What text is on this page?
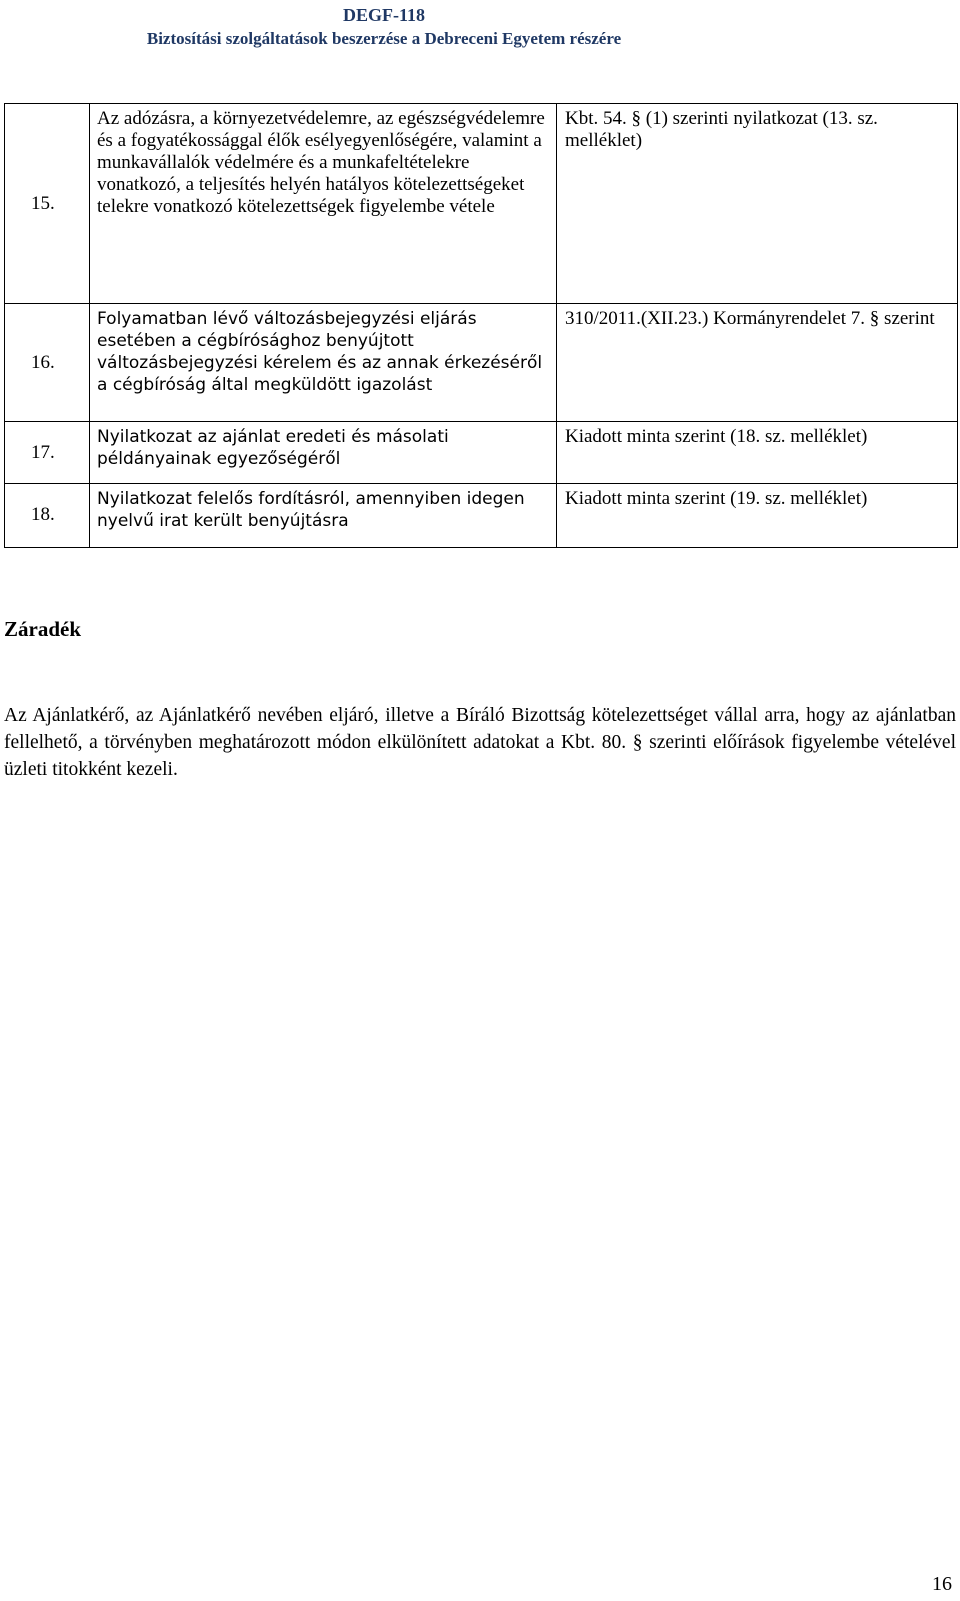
DEGF-118
Biztosítási szolgáltatások beszerzése a Debreceni Egyetem részére
15.	Az adózásra, a környezetvédelemre, az egészségvédelemre és a fogyatékossággal élők esélyegyenlőségére, valamint a munkavállalók védelmére és a munkafeltételekre vonatkozó, a teljesítés helyén hatályos kötelezettségeket telekre vonatkozó kötelezettségek figyelembe vétele	Kbt. 54. § (1) szerinti nyilatkozat (13. sz. melléklet)
16.	Folyamatban lévő változásbejegyzési eljárás esetében a cégbírósághoz benyújtott változásbejegyzési kérelem és az annak érkezéséről a cégbíróság által megküldött igazolást	310/2011.(XII.23.) Kormányrendelet 7. § szerint
17.	Nyilatkozat az ajánlat eredeti és másolati példányainak egyezőségéről	Kiadott minta szerint (18. sz. melléklet)
18.	Nyilatkozat felelős fordításról, amennyiben idegen nyelvű irat került benyújtásra	Kiadott minta szerint (19. sz. melléklet)
Záradék
Az Ajánlatkérő, az Ajánlatkérő nevében eljáró, illetve a Bíráló Bizottság kötelezettséget vállal arra, hogy az ajánlatban fellelhető, a törvényben meghatározott módon elkülönített adatokat a Kbt. 80. § szerinti előírások figyelembe vételével üzleti titokként kezeli.
16
